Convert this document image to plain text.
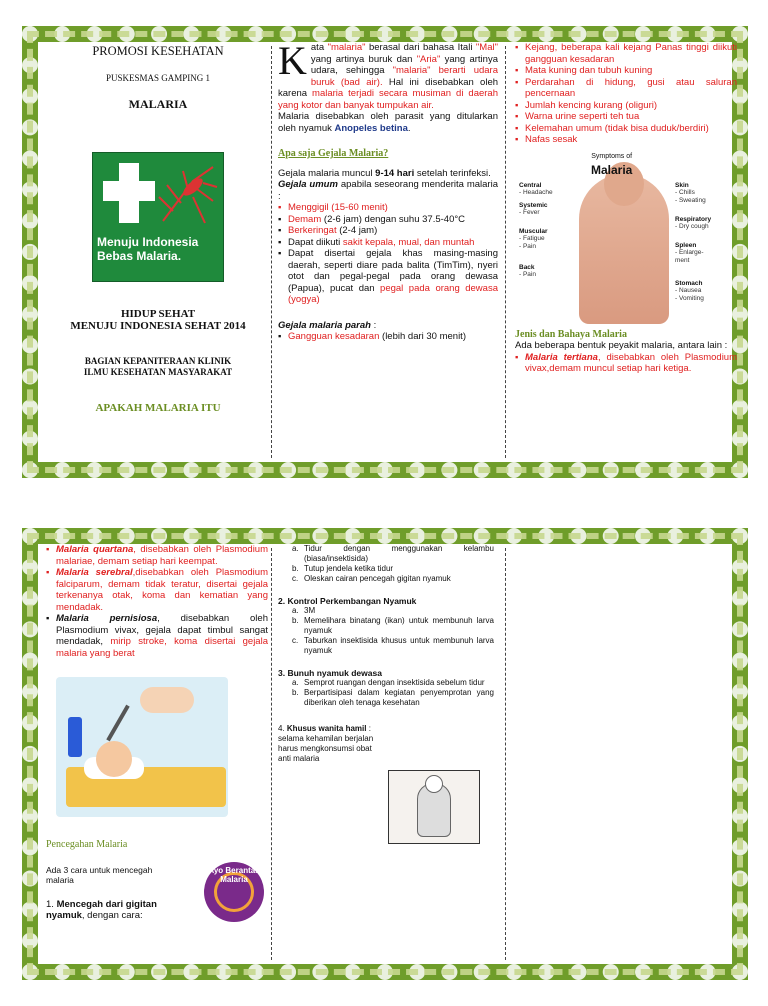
PROMOSI KESEHATAN
PUSKESMAS GAMPING 1
MALARIA
Menuju Indonesia Bebas Malaria.
HIDUP SEHAT
MENUJU INDONESIA SEHAT 2014
BAGIAN KEPANITERAAN KLINIK
ILMU KESEHATAN MASYARAKAT
APAKAH MALARIA ITU

Kata "malaria" berasal dari bahasa Itali "Mal" yang artinya buruk dan "Aria" yang artinya udara, sehingga "malaria" berarti udara buruk (bad air). Hal ini disebabkan oleh karena malaria terjadi secara musiman di daerah yang kotor dan banyak tumpukan air.

Malaria disebabkan oleh parasit yang ditularkan oleh nyamuk Anopeles betina.

Apa saja Gejala Malaria?

Gejala malaria muncul 9-14 hari setelah terinfeksi.

Gejala umum apabila seseorang menderita malaria :

▪ Menggigil (15-60 menit)
▪ Demam (2-6 jam) dengan suhu 37.5-40°C
▪ Berkeringat (2-4 jam)
▪ Dapat diikuti sakit kepala, mual, dan muntah
▪ Dapat disertai gejala khas masing-masing daerah, seperti diare pada balita (TimTim), nyeri otot dan pegal-pegal pada orang dewasa (Papua), pucat dan pegal pada orang dewasa (yogya)

Gejala malaria parah :

▪ Gangguan kesadaran (lebih dari 30 menit)
▪ Kejang, beberapa kali kejang Panas tinggi diikuti gangguan kesadaran
▪ Mata kuning dan tubuh kuning
▪ Perdarahan di hidung, gusi atau saluran pencernaan
▪ Jumlah kencing kurang (oliguri)
▪ Warna urine seperti teh tua
▪ Kelemahan umum (tidak bisa duduk/berdiri)
▪ Nafas sesak
Symptoms of
Malaria
Central
- Headache
Systemic
- Fever
Muscular
- Fatigue
- Pain
Back
- Pain
Skin
- Chills
- Sweating
Respiratory
- Dry cough
Spleen
- Enlarge-
ment
Stomach
- Nausea
- Vomiting
Jenis dan Bahaya Malaria

Ada beberapa bentuk peyakit malaria, antara lain :

▪ Malaria tertiana, disebabkan oleh Plasmodium vivax,demam muncul setiap hari ketiga.
▪ Malaria quartana, disebabkan oleh Plasmodium malariae, demam setiap hari keempat.
▪ Malaria serebral,disebabkan oleh Plasmodium falciparum, demam tidak teratur, disertai gejala terkenanya otak, koma dan kematian yang mendadak.
▪ Malaria pernisiosa, disebabkan oleh Plasmodium vivax, gejala dapat timbul sangat mendadak, mirip stroke, koma disertai gejala malaria yang berat
Pencegahan Malaria

Ada 3 cara untuk mencegah malaria

1. Mencegah dari gigitan nyamuk, dengan cara:

Ayo Berantas Malaria
a. Tidur dengan menggunakan kelambu (biasa/insektisida)
b. Tutup jendela ketika tidur
c. Oleskan cairan pencegah gigitan nyamuk
2. Kontrol Perkembangan Nyamuk
a. 3M
b. Memelihara binatang (ikan) untuk membunuh larva nyamuk
c. Taburkan insektisida khusus untuk membunuh larva nyamuk
3. Bunuh nyamuk dewasa
a. Semprot ruangan dengan insektisida sebelum tidur
b. Berpartisipasi dalam kegiatan penyemprotan yang diberikan oleh tenaga kesehatan

4. Khusus wanita hamil : selama kehamilan berjalan harus mengkonsumsi obat anti malaria
